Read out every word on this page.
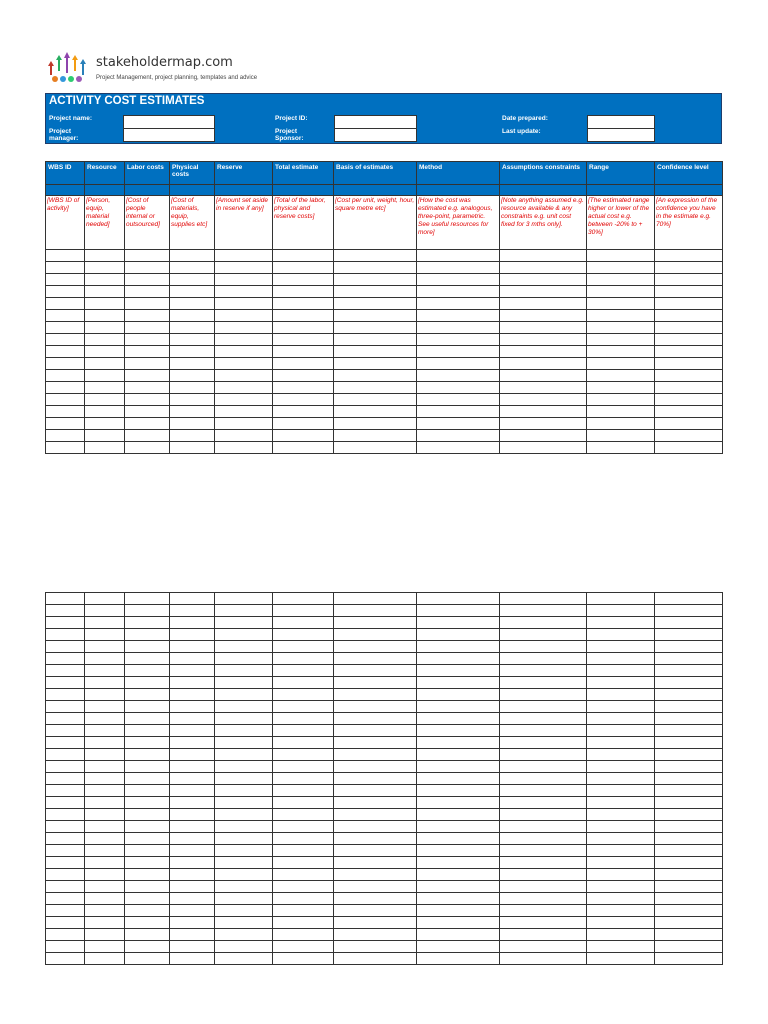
stakeholdermap.com
Project Management, project planning, templates and advice
ACTIVITY COST ESTIMATES
Project name:
Project manager:
Project ID:
Project Sponsor:
Date prepared:
Last update:
WBS ID	Resource	Labor costs	Physical costs	Reserve	Total estimate	Basis of estimates	Method	Assumptions constraints	Range	Confidence level

[WBS ID of activity]	[Person, equip, material needed]	[Cost of people internal or outsourced]	[Cost of materials, equip, supplies etc]	[Amount set aside in reserve if any]	[Total of the labor, physical and reserve costs]	[Cost per unit, weight, hour, square metre etc]	[How the cost was estimated e.g. analogous, three-point, parametric. See useful resources for more]	[Note anything assumed e.g. resource available & any constraints e.g. unit cost fixed for 3 mths only].	[The estimated range higher or lower of the actual cost e.g. between -20% to + 30%]	[An expression of the confidence you have in the estimate e.g. 70%]
